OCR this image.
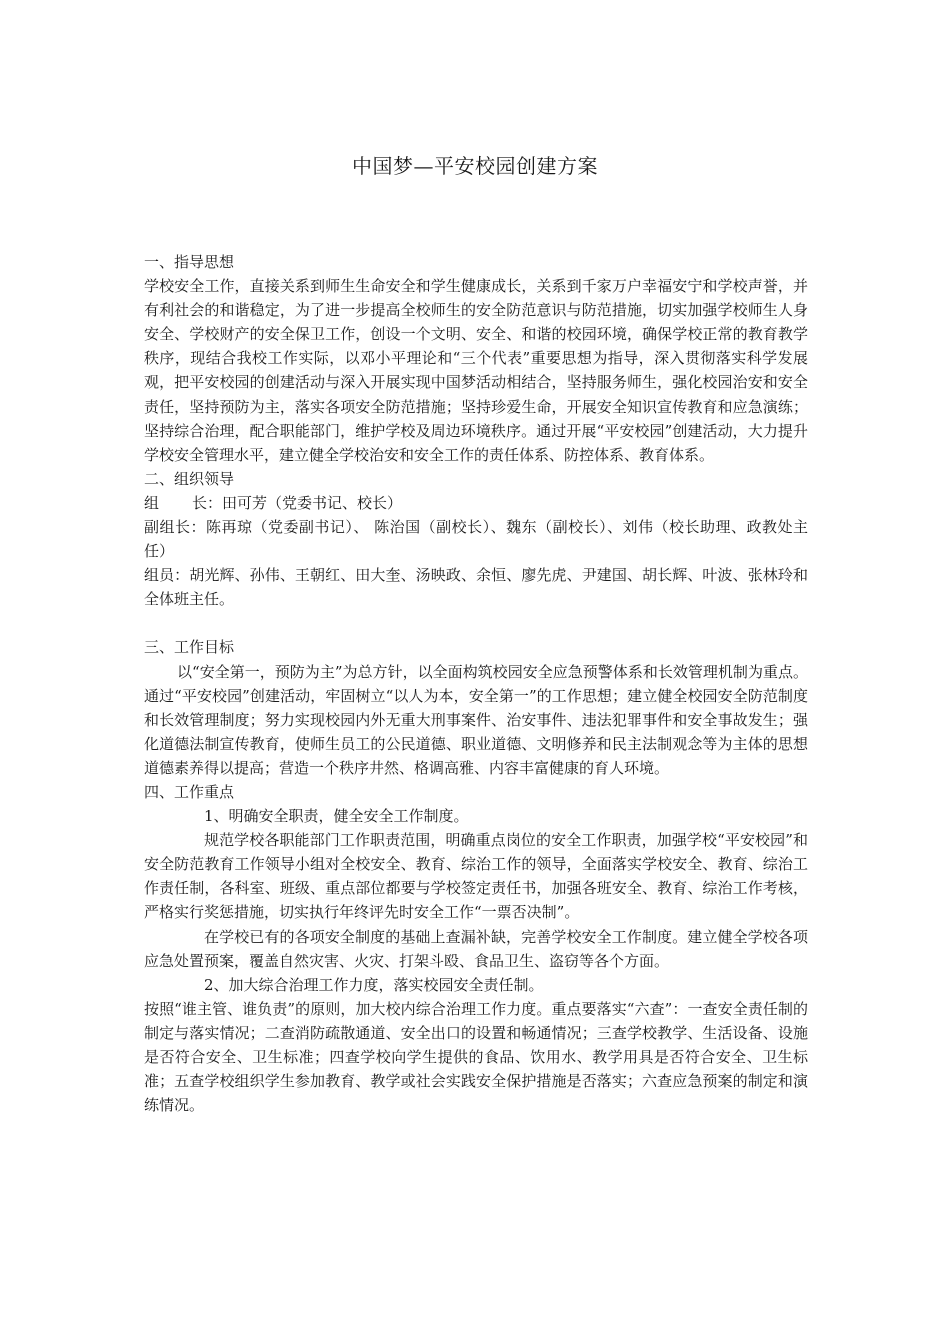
中国梦—平安校园创建方案

一、指导思想

学校安全工作，直接关系到师生生命安全和学生健康成长，关系到千家万户幸福安宁和学校声誉，并有利社会的和谐稳定，为了进一步提高全校师生的安全防范意识与防范措施，切实加强学校师生人身安全、学校财产的安全保卫工作，创设一个文明、安全、和谐的校园环境，确保学校正常的教育教学秩序，现结合我校工作实际，以邓小平理论和“三个代表”重要思想为指导，深入贯彻落实科学发展观，把平安校园的创建活动与深入开展实现中国梦活动相结合，坚持服务师生，强化校园治安和安全责任，坚持预防为主，落实各项安全防范措施；坚持珍爱生命，开展安全知识宣传教育和应急演练；坚持综合治理，配合职能部门，维护学校及周边环境秩序。通过开展“平安校园”创建活动，大力提升学校安全管理水平，建立健全学校治安和安全工作的责任体系、防控体系、教育体系。

二、组织领导

组 长：田可芳（党委书记、校长）

副组长：陈再琼（党委副书记）、 陈治国（副校长）、魏东（副校长）、刘伟（校长助理、政教处主任）

组员：胡光辉、孙伟、王朝红、田大奎、汤映政、余恒、廖先虎、尹建国、胡长辉、叶波、张林玲和全体班主任。

三、工作目标

以“安全第一，预防为主”为总方针，以全面构筑校园安全应急预警体系和长效管理机制为重点。通过“平安校园”创建活动，牢固树立“以人为本，安全第一”的工作思想；建立健全校园安全防范制度和长效管理制度；努力实现校园内外无重大刑事案件、治安事件、违法犯罪事件和安全事故发生；强化道德法制宣传教育，使师生员工的公民道德、职业道德、文明修养和民主法制观念等为主体的思想道德素养得以提高；营造一个秩序井然、格调高雅、内容丰富健康的育人环境。

四、工作重点

1、明确安全职责，健全安全工作制度。

规范学校各职能部门工作职责范围，明确重点岗位的安全工作职责，加强学校“平安校园”和安全防范教育工作领导小组对全校安全、教育、综治工作的领导，全面落实学校安全、教育、综治工作责任制，各科室、班级、重点部位都要与学校签定责任书，加强各班安全、教育、综治工作考核，严格实行奖惩措施，切实执行年终评先时安全工作“一票否决制”。

在学校已有的各项安全制度的基础上查漏补缺，完善学校安全工作制度。建立健全学校各项应急处置预案，覆盖自然灾害、火灾、打架斗殴、食品卫生、盗窃等各个方面。

2、加大综合治理工作力度，落实校园安全责任制。

按照“谁主管、谁负责”的原则，加大校内综合治理工作力度。重点要落实“六查”：一查安全责任制的制定与落实情况；二查消防疏散通道、安全出口的设置和畅通情况；三查学校教学、生活设备、设施是否符合安全、卫生标准；四查学校向学生提供的食品、饮用水、教学用具是否符合安全、卫生标准；五查学校组织学生参加教育、教学或社会实践安全保护措施是否落实；六查应急预案的制定和演练情况。
